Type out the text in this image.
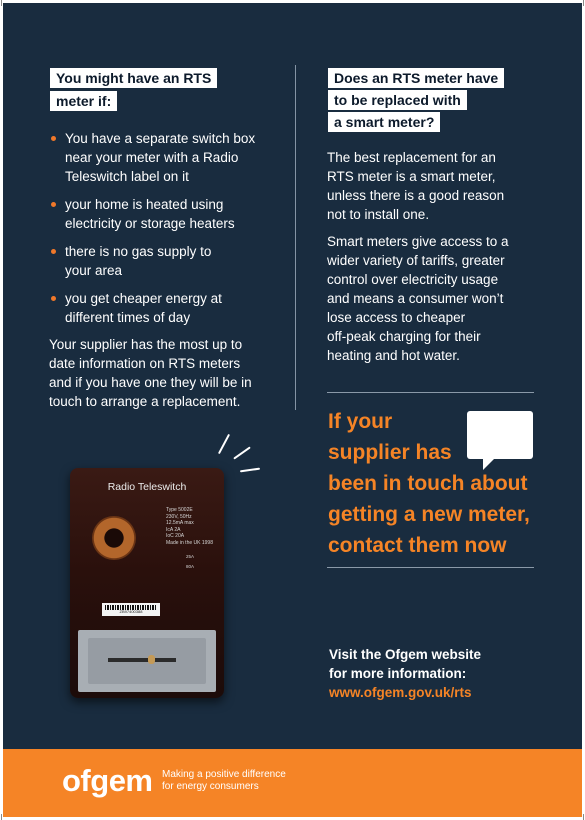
You might have an RTS
meter if:
You have a separate switch box
near your meter with a Radio
Teleswitch label on it
your home is heated using
electricity or storage heaters
there is no gas supply to
your area
you get cheaper energy at
different times of day
Your supplier has the most up to
date information on RTS meters
and if you have one they will be in
touch to arrange a replacement.
Radio Teleswitch
Type 5002E
230V, 50Hz
12.5mA max
IcA 2A
IoC 20A
Made in the UK 1998
25A
80A
ZB97400388
Does an RTS meter have
to be replaced with
a smart meter?
The best replacement for an
RTS meter is a smart meter,
unless there is a good reason
not to install one.
Smart meters give access to a
wider variety of tariffs, greater
control over electricity usage
and means a consumer won’t
lose access to cheaper
off-peak charging for their
heating and hot water.
If your
supplier has
been in touch about
getting a new meter,
contact them now
Visit the Ofgem website
for more information:
www.ofgem.gov.uk/rts
ofgem Making a positive difference
for energy consumers
